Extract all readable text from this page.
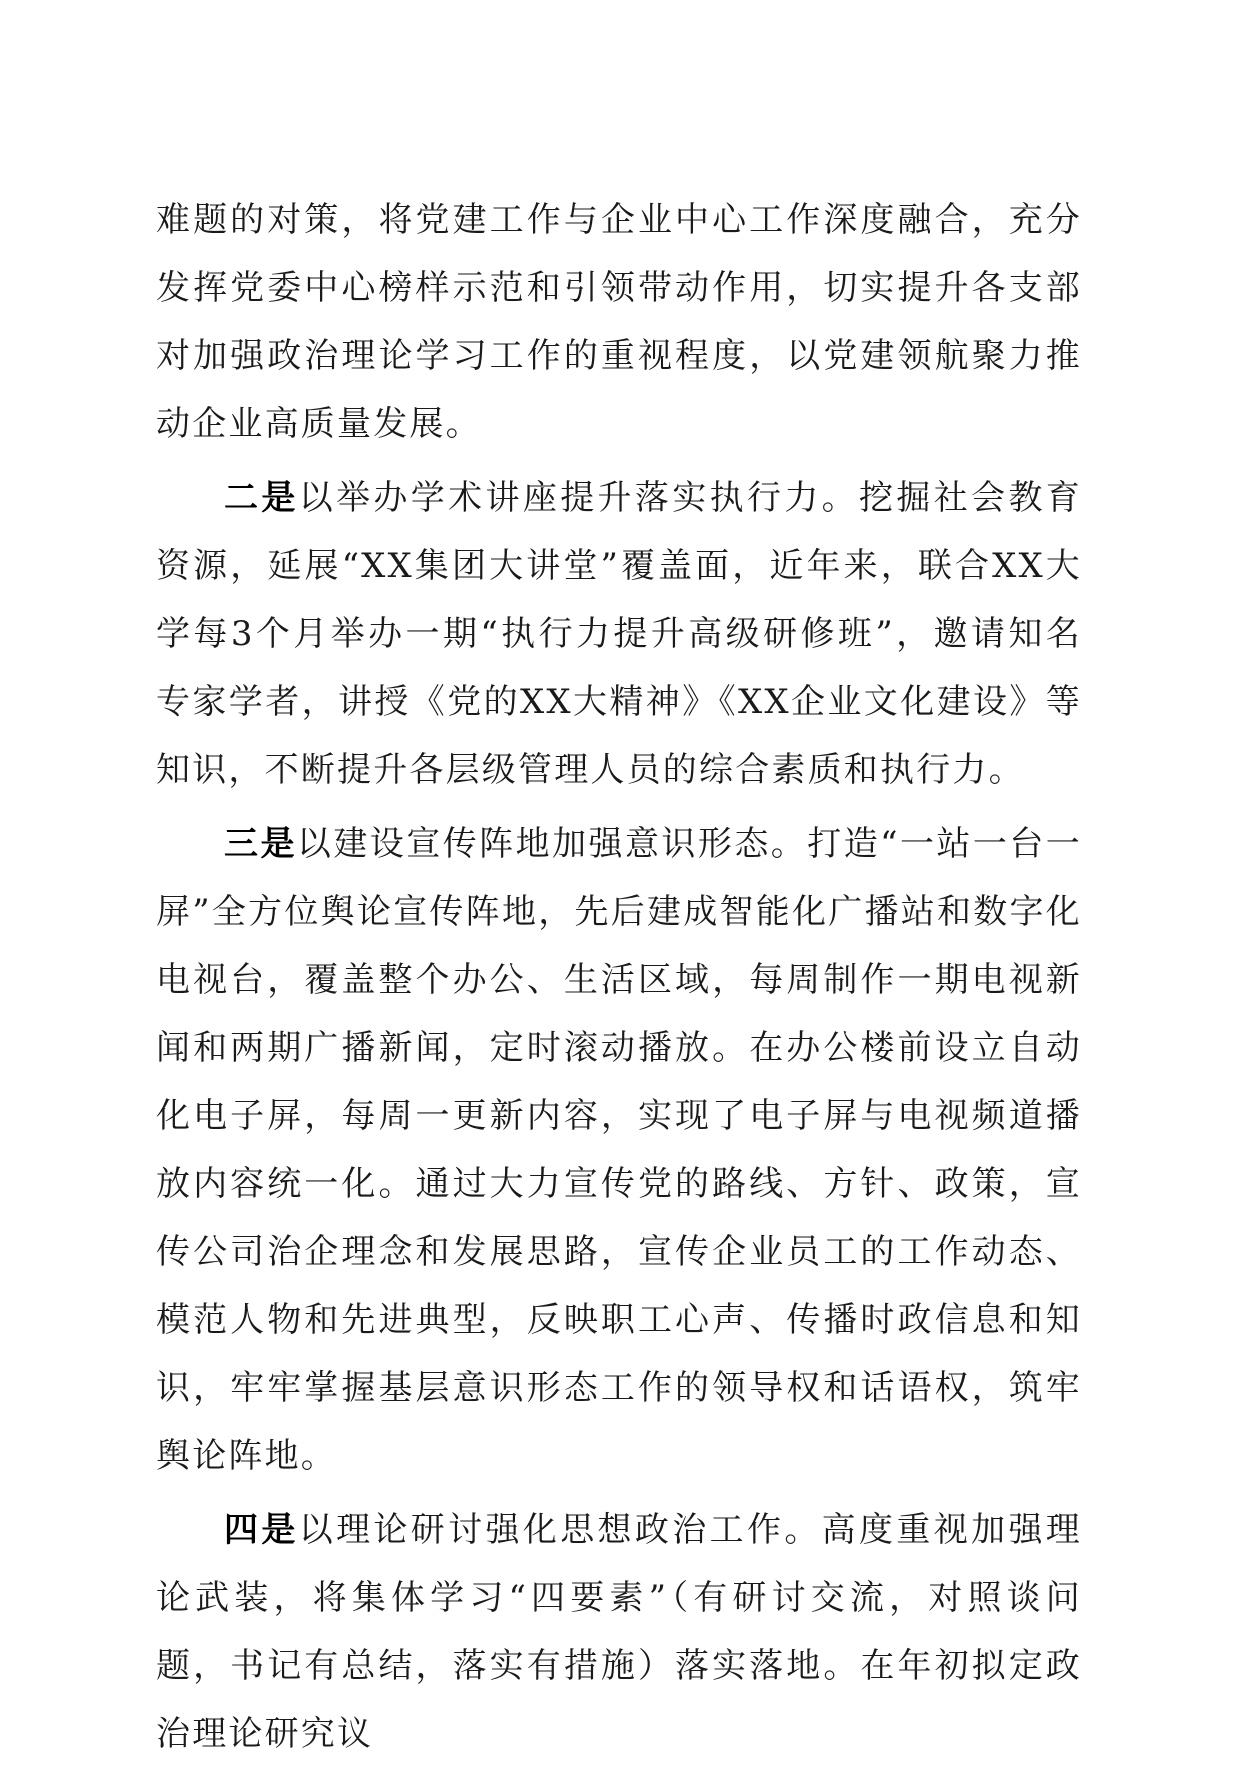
难题的对策，将党建工作与企业中心工作深度融合，充分发挥党委中心榜样示范和引领带动作用，切实提升各支部对加强政治理论学习工作的重视程度，以党建领航聚力推动企业高质量发展。

二是以举办学术讲座提升落实执行力。挖掘社会教育资源，延展“XX集团大讲堂”覆盖面，近年来，联合XX大学每3个月举办一期“执行力提升高级研修班”，邀请知名专家学者，讲授《党的XX大精神》《XX企业文化建设》等知识，不断提升各层级管理人员的综合素质和执行力。

三是以建设宣传阵地加强意识形态。打造“一站一台一屏”全方位舆论宣传阵地，先后建成智能化广播站和数字化电视台，覆盖整个办公、生活区域，每周制作一期电视新闻和两期广播新闻，定时滚动播放。在办公楼前设立自动化电子屏，每周一更新内容，实现了电子屏与电视频道播放内容统一化。通过大力宣传党的路线、方针、政策，宣传公司治企理念和发展思路，宣传企业员工的工作动态、模范人物和先进典型，反映职工心声、传播时政信息和知识，牢牢掌握基层意识形态工作的领导权和话语权，筑牢舆论阵地。

四是以理论研讨强化思想政治工作。高度重视加强理论武装，将集体学习“四要素”（有研讨交流，对照谈问题，书记有总结，落实有措施）落实落地。在年初拟定政治理论研究议
